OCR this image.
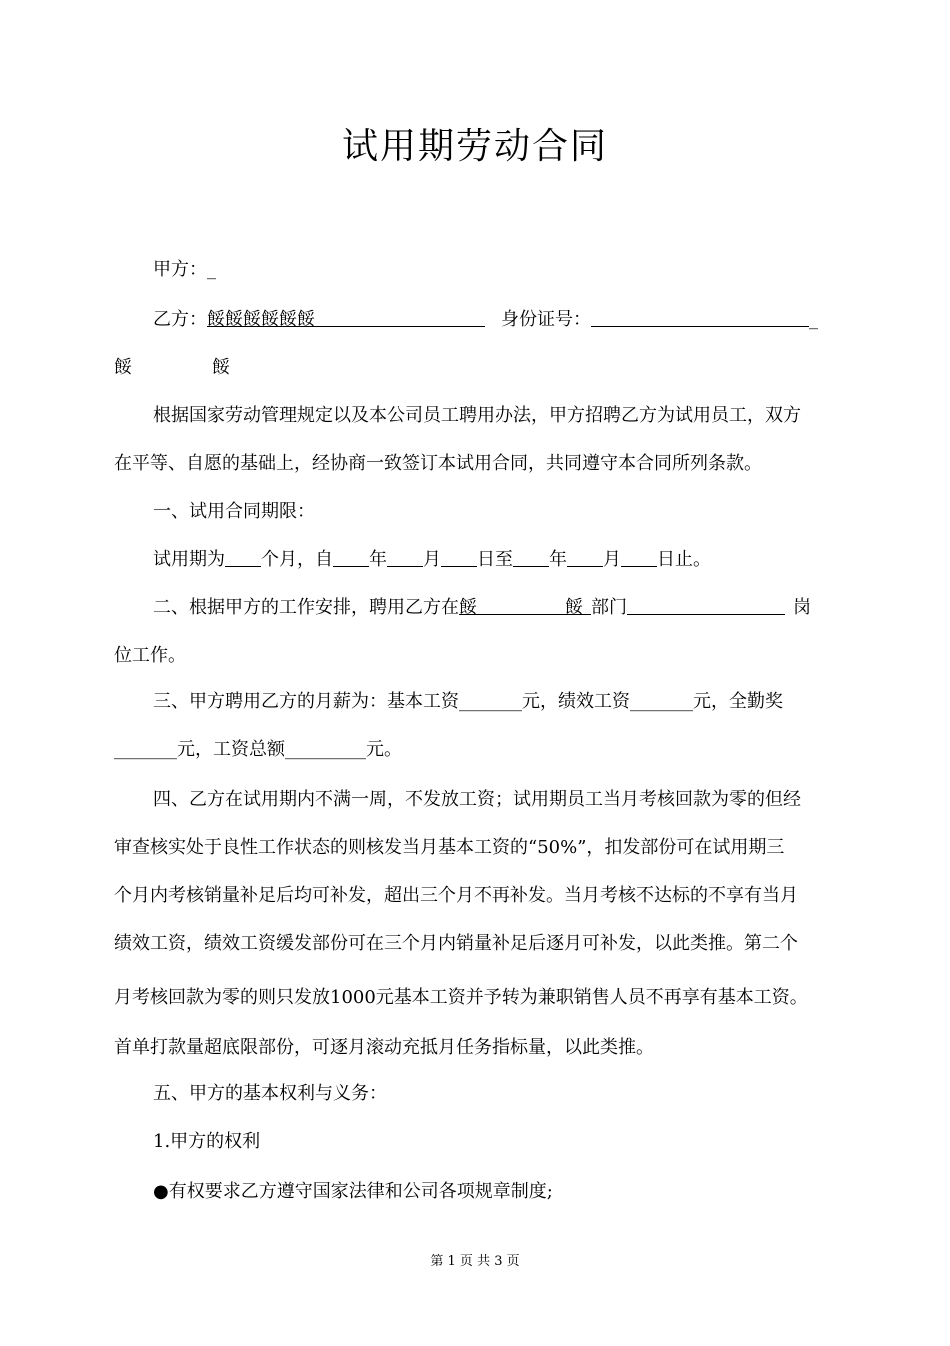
试用期劳动合同
甲方：_
乙方：餒餒餒餒餒餒	身份证号：	_
餒	餒
根据国家劳动管理规定以及本公司员工聘用办法，甲方招聘乙方为试用员工，双方
在平等、自愿的基础上，经协商一致签订本试用合同，共同遵守本合同所列条款。
一、试用合同期限：
试用期为 个月，自 年 月 日至 年 月 日止。
二、根据甲方的工作安排，聘用乙方在餒	餒 部门	岗
位工作。
三、甲方聘用乙方的月薪为：基本工资_______元，绩效工资_______元，全勤奖
_______元，工资总额_________元。
四、乙方在试用期内不满一周，不发放工资；试用期员工当月考核回款为零的但经
审查核实处于良性工作状态的则核发当月基本工资的“50%”，扣发部份可在试用期三
个月内考核销量补足后均可补发，超出三个月不再补发。当月考核不达标的不享有当月
绩效工资，绩效工资缓发部份可在三个月内销量补足后逐月可补发，以此类推。第二个
月考核回款为零的则只发放1000元基本工资并予转为兼职销售人员不再享有基本工资。
首单打款量超底限部份，可逐月滚动充抵月任务指标量，以此类推。
五、甲方的基本权利与义务：
1.甲方的权利
●有权要求乙方遵守国家法律和公司各项规章制度;
第 1 页 共 3 页
